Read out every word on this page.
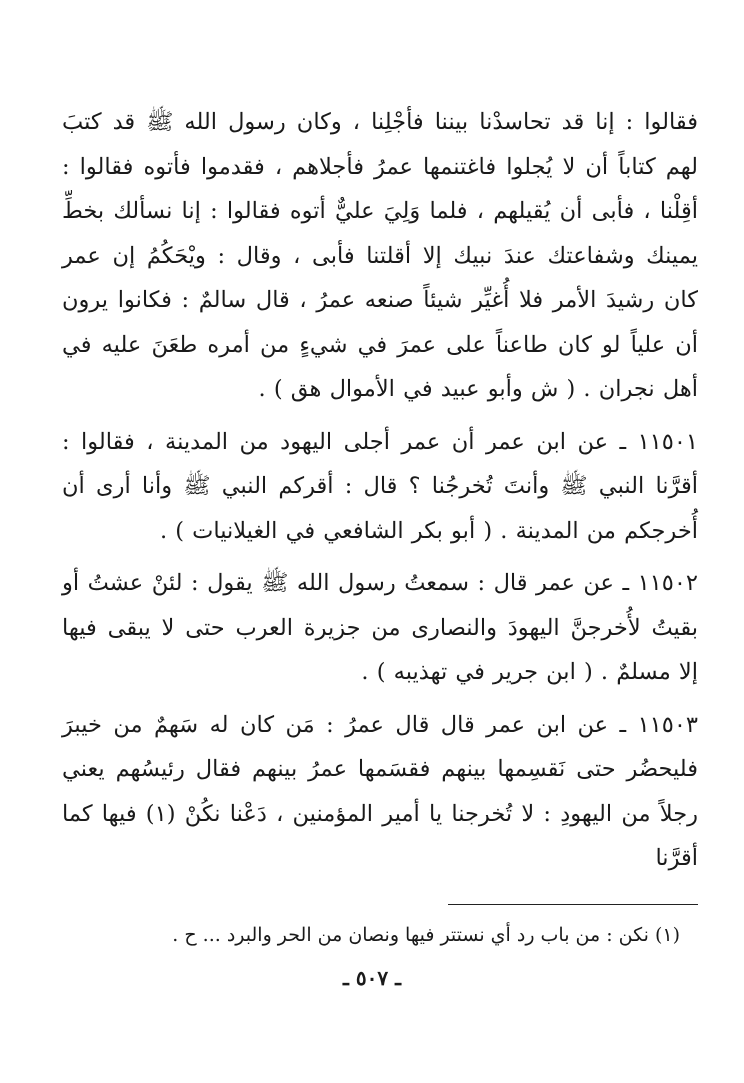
فقالوا : إنا قد تحاسدْنا بيننا فأجْلِنا ، وكان رسول الله ﷺ قد كتبَ لهم كتاباً أن لا يُجلوا فاغتنمها عمرُ فأجلاهم ، فقدموا فأتوه فقالوا : أقِلْنا ، فأبى أن يُقيلهم ، فلما وَلِيَ عليٌّ أتوه فقالوا : إنا نسألك بخطِّ يمينك وشفاعتك عندَ نبيك إلا أقلتنا فأبى ، وقال : ويْحَكُمُ إن عمر كان رشيدَ الأمر فلا أُغيِّر شيئاً صنعه عمرُ ، قال سالمٌ : فكانوا يرون أن علياً لو كان طاعناً على عمرَ في شيءٍ من أمره طعَنَ عليه في أهل نجران . ( ش وأبو عبيد في الأموال هق ) .

١١٥٠١ ـ عن ابن عمر أن عمر أجلى اليهود من المدينة ، فقالوا : أقرَّنا النبي ﷺ وأنتَ تُخرجُنا ؟ قال : أقركم النبي ﷺ وأنا أرى أن أُخرجكم من المدينة . ( أبو بكر الشافعي في الغيلانيات ) .

١١٥٠٢ ـ عن عمر قال : سمعتُ رسول الله ﷺ يقول : لئنْ عشتُ أو بقيتُ لأُخرجنَّ اليهودَ والنصارى من جزيرة العرب حتى لا يبقى فيها إلا مسلمٌ . ( ابن جرير في تهذيبه ) .

١١٥٠٣ ـ عن ابن عمر قال قال عمرُ : مَن كان له سَهمٌ من خيبرَ فليحضُر حتى نَقسِمها بينهم فقسَمها عمرُ بينهم فقال رئيسُهم يعني رجلاً من اليهودِ : لا تُخرجنا يا أمير المؤمنين ، دَعْنا نكُنْ (١) فيها كما أقرَّنا

(١) نكن : من باب رد أي نستتر فيها ونصان من الحر والبرد ... ح .
ـ ٥٠٧ ـ
